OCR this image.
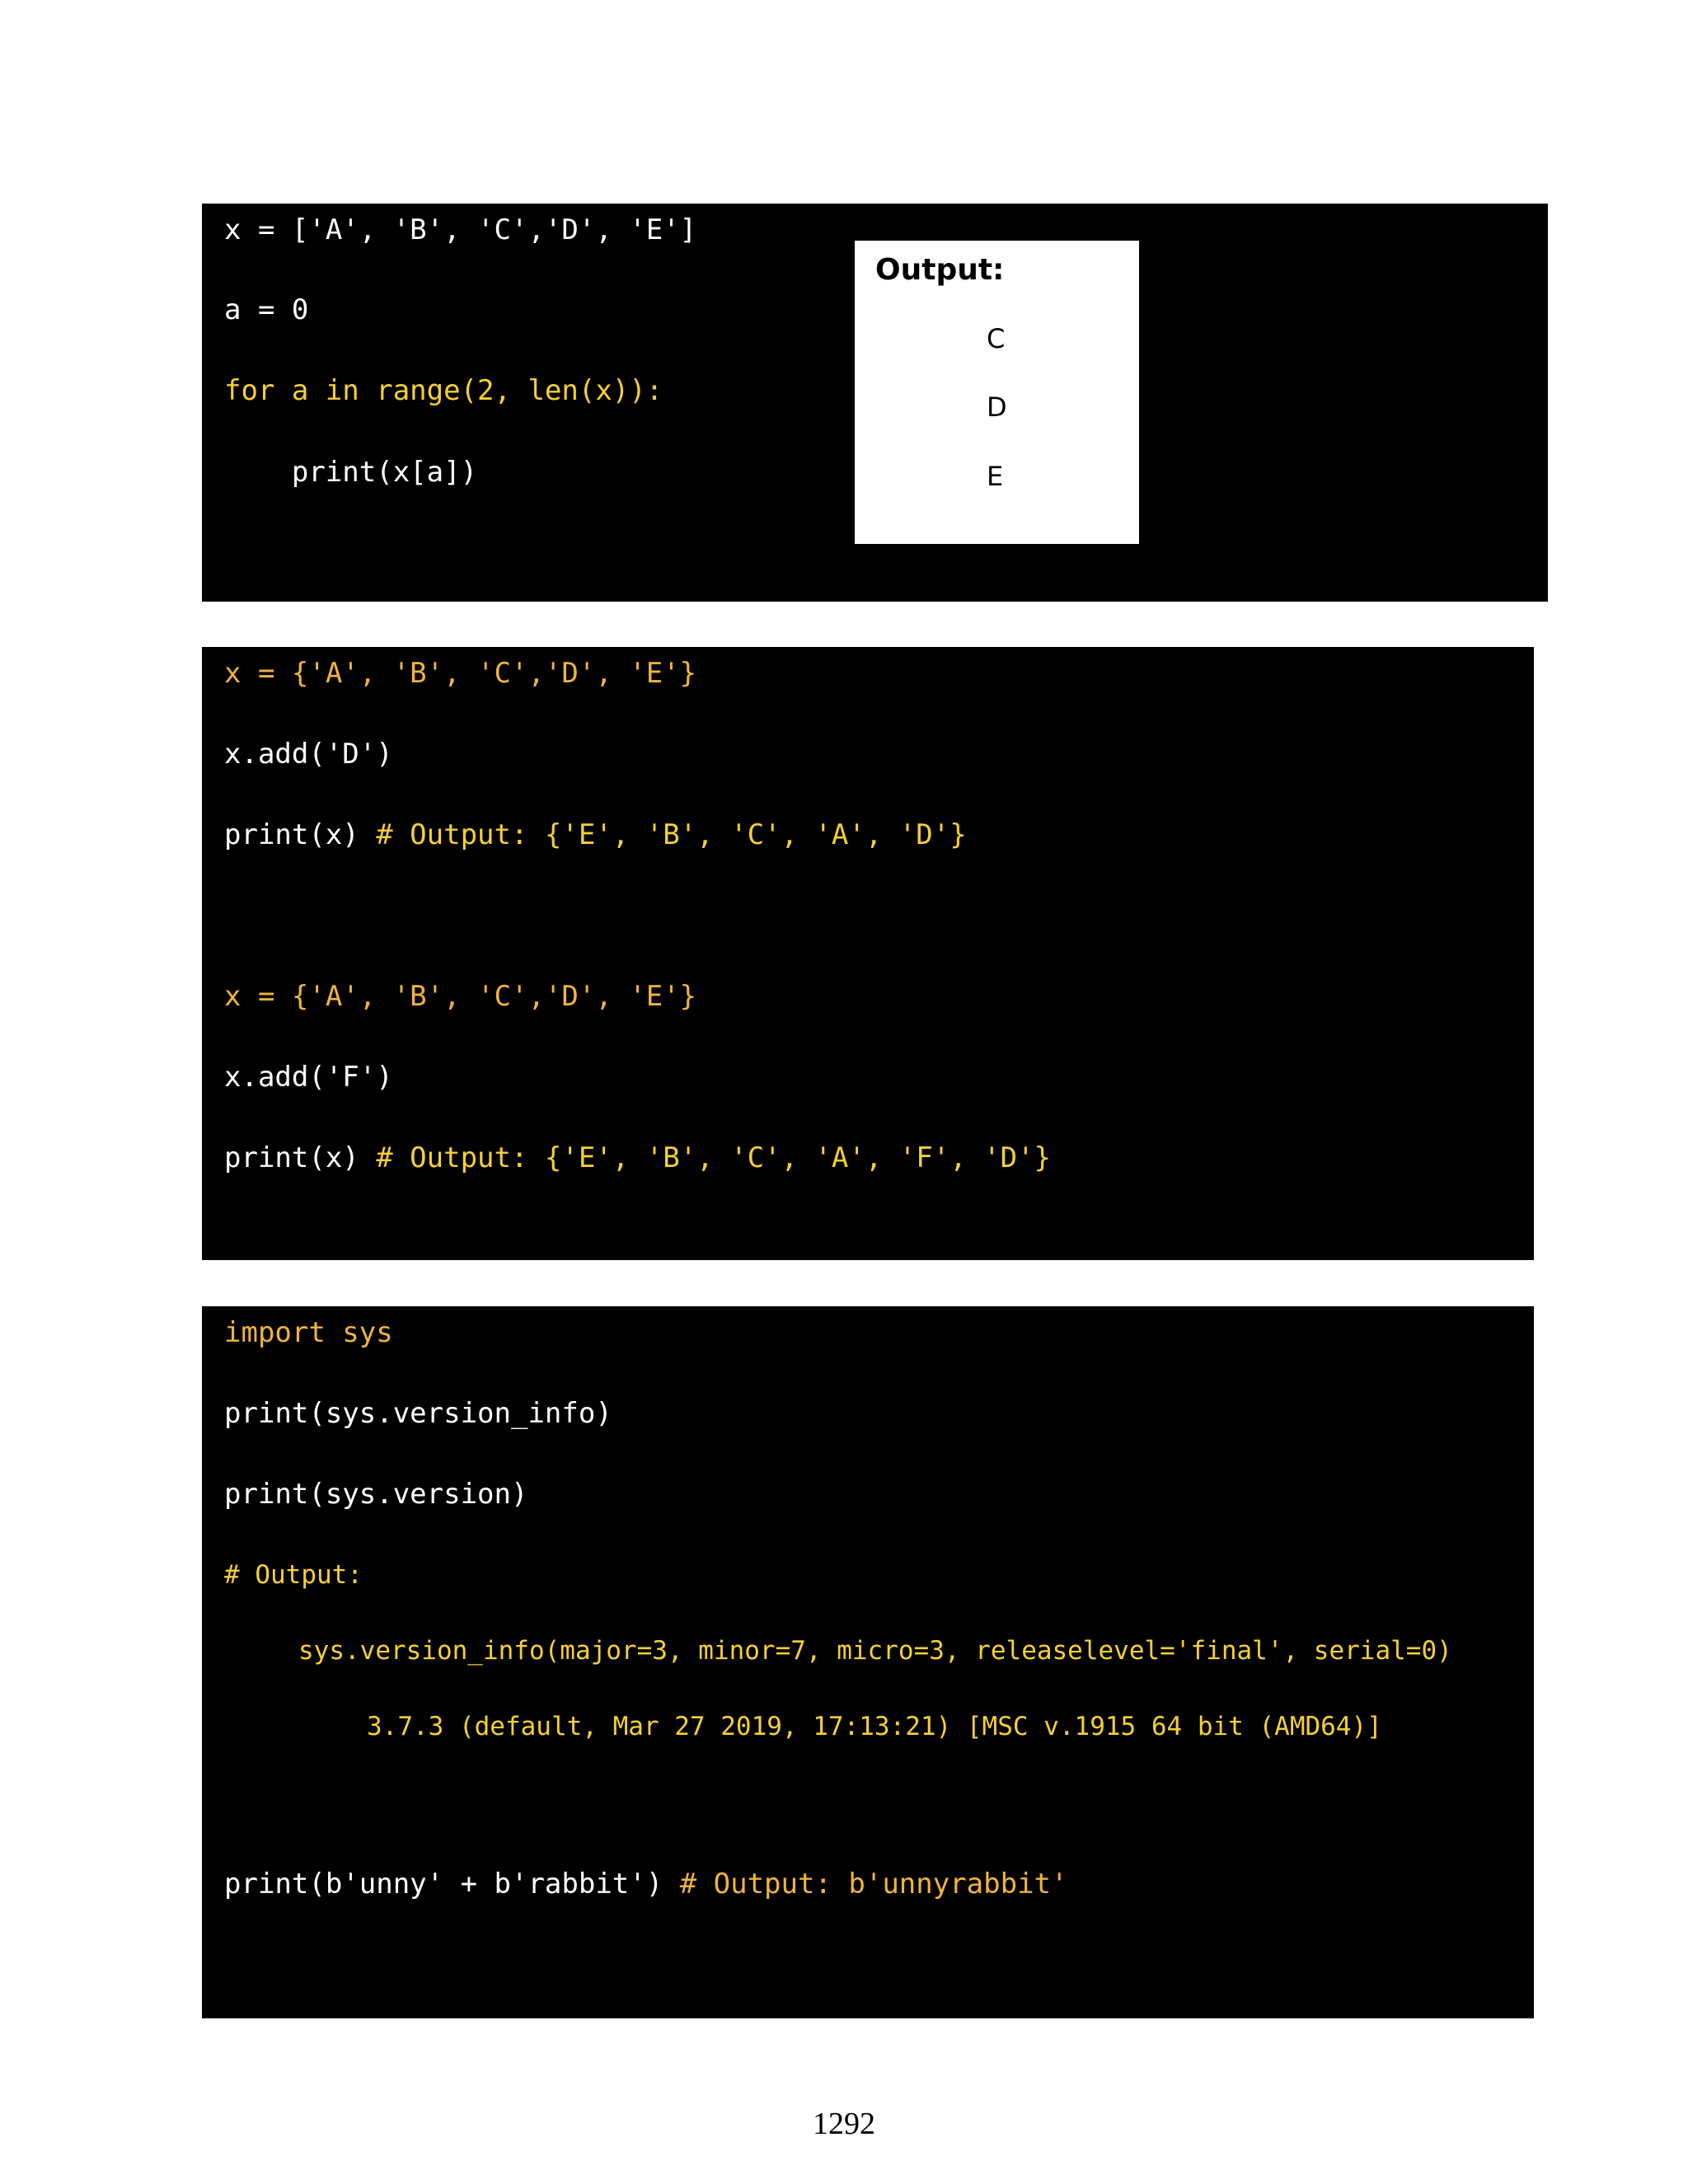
x = ['A', 'B', 'C','D', 'E']
a = 0
for a in range(2, len(x)):
print(x[a])
Output:
C
D
E
x = {'A', 'B', 'C','D', 'E'}
x.add('D')
print(x) # Output: {'E', 'B', 'C', 'A', 'D'}
x = {'A', 'B', 'C','D', 'E'}
x.add('F')
print(x) # Output: {'E', 'B', 'C', 'A', 'F', 'D'}
import sys
print(sys.version_info)
print(sys.version)
# Output:
sys.version_info(major=3, minor=7, micro=3, releaselevel='final', serial=0)
3.7.3 (default, Mar 27 2019, 17:13:21) [MSC v.1915 64 bit (AMD64)]
print(b'unny' + b'rabbit') # Output: b'unnyrabbit'
1292
